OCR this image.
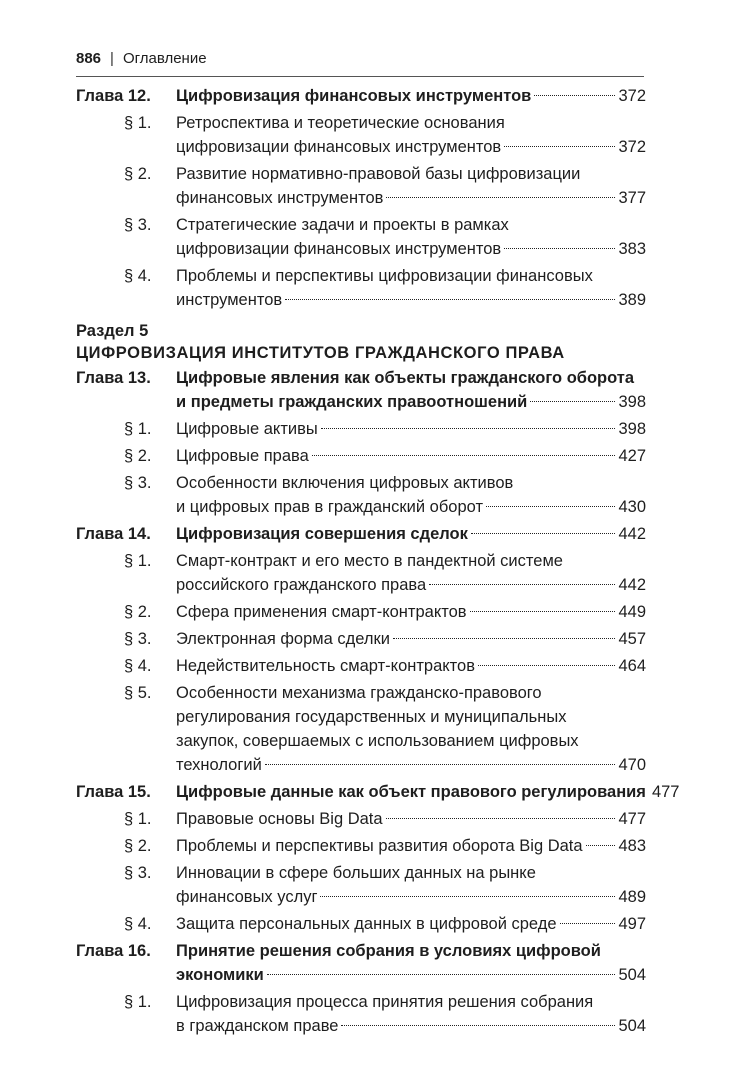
886 | Оглавление
Глава 12.	Цифровизация финансовых инструментов	372
§ 1.	Ретроспектива и теоретические основания
цифровизации финансовых инструментов	372
§ 2.	Развитие нормативно-правовой базы цифровизации
финансовых инструментов	377
§ 3.	Стратегические задачи и проекты в рамках
цифровизации финансовых инструментов	383
§ 4.	Проблемы и перспективы цифровизации финансовых
инструментов	389
Раздел 5
ЦИФРОВИЗАЦИЯ ИНСТИТУТОВ ГРАЖДАНСКОГО ПРАВА
Глава 13.	Цифровые явления как объекты гражданского оборота
и предметы гражданских правоотношений	398
§ 1.	Цифровые активы	398
§ 2.	Цифровые права	427
§ 3.	Особенности включения цифровых активов
и цифровых прав в гражданский оборот	430
Глава 14.	Цифровизация совершения сделок	442
§ 1.	Смарт-контракт и его место в пандектной системе
российского гражданского права	442
§ 2.	Сфера применения смарт-контрактов	449
§ 3.	Электронная форма сделки	457
§ 4.	Недействительность смарт-контрактов	464
§ 5.	Особенности механизма гражданско-правового
регулирования государственных и муниципальных
закупок, совершаемых с использованием цифровых
технологий	470
Глава 15.	Цифровые данные как объект правового регулирования 477
§ 1.	Правовые основы Big Data	477
§ 2.	Проблемы и перспективы развития оборота Big Data 483
§ 3.	Инновации в сфере больших данных на рынке
финансовых услуг	489
§ 4.	Защита персональных данных в цифровой среде	497
Глава 16.	Принятие решения собрания в условиях цифровой
экономики	504
§ 1.	Цифровизация процесса принятия решения собрания
в гражданском праве	504
